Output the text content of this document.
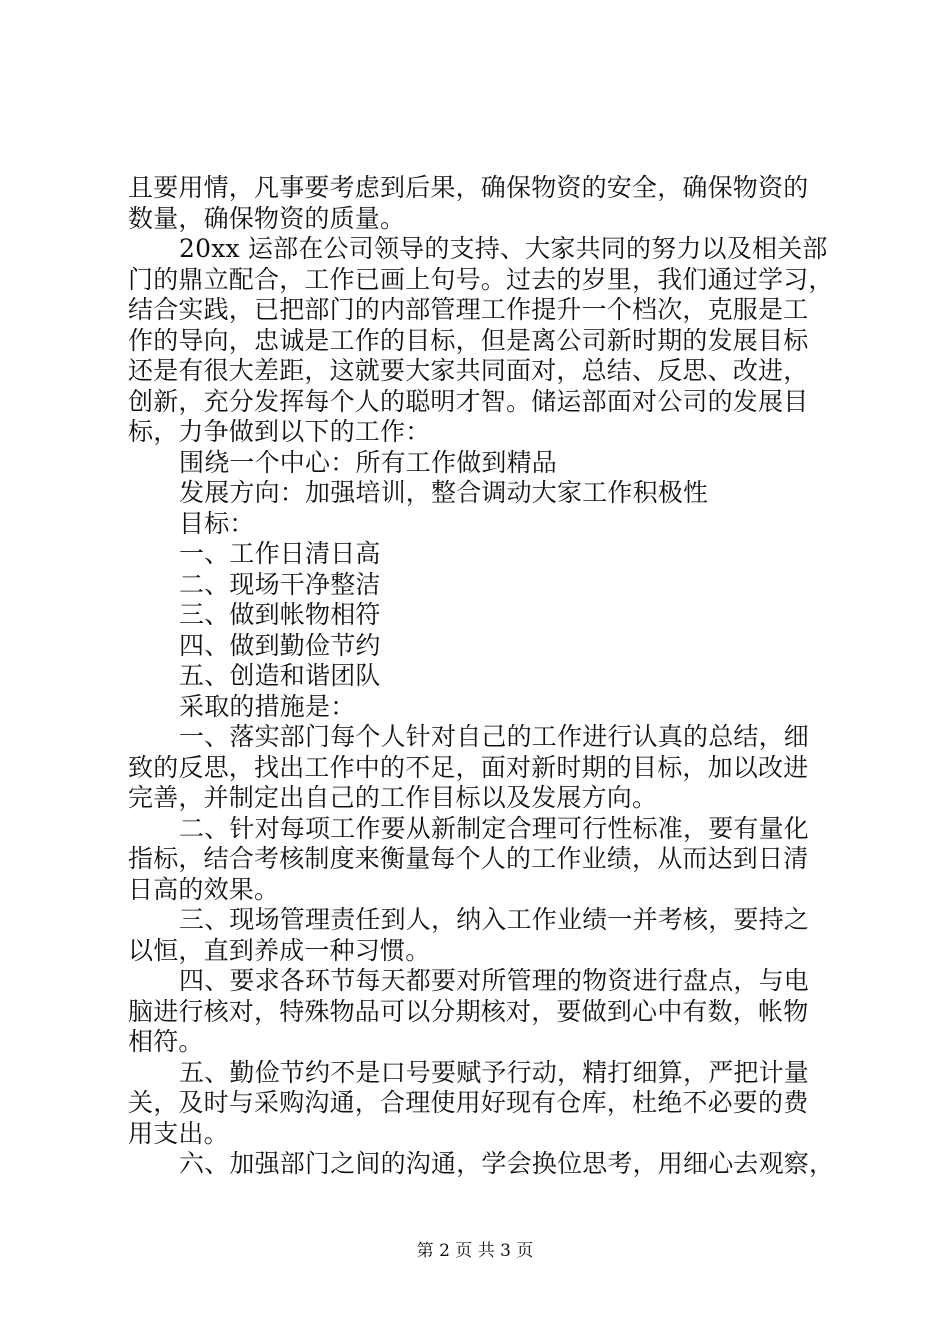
且要用情，凡事要考虑到后果，确保物资的安全，确保物资的
数量，确保物资的质量。
20xx 运部在公司领导的支持、大家共同的努力以及相关部
门的鼎立配合，工作已画上句号。过去的岁里，我们通过学习，
结合实践，已把部门的内部管理工作提升一个档次，克服是工
作的导向，忠诚是工作的目标，但是离公司新时期的发展目标
还是有很大差距，这就要大家共同面对，总结、反思、改进，
创新，充分发挥每个人的聪明才智。储运部面对公司的发展目
标，力争做到以下的工作：
围绕一个中心：所有工作做到精品
发展方向：加强培训，整合调动大家工作积极性
目标：
一、工作日清日高
二、现场干净整洁
三、做到帐物相符
四、做到勤俭节约
五、创造和谐团队
采取的措施是：
一、落实部门每个人针对自己的工作进行认真的总结，细
致的反思，找出工作中的不足，面对新时期的目标，加以改进
完善，并制定出自己的工作目标以及发展方向。
二、针对每项工作要从新制定合理可行性标准，要有量化
指标，结合考核制度来衡量每个人的工作业绩，从而达到日清
日高的效果。
三、现场管理责任到人，纳入工作业绩一并考核，要持之
以恒，直到养成一种习惯。
四、要求各环节每天都要对所管理的物资进行盘点，与电
脑进行核对，特殊物品可以分期核对，要做到心中有数，帐物
相符。
五、勤俭节约不是口号要赋予行动，精打细算，严把计量
关，及时与采购沟通，合理使用好现有仓库，杜绝不必要的费
用支出。
六、加强部门之间的沟通，学会换位思考，用细心去观察，
第 2 页 共 3 页
